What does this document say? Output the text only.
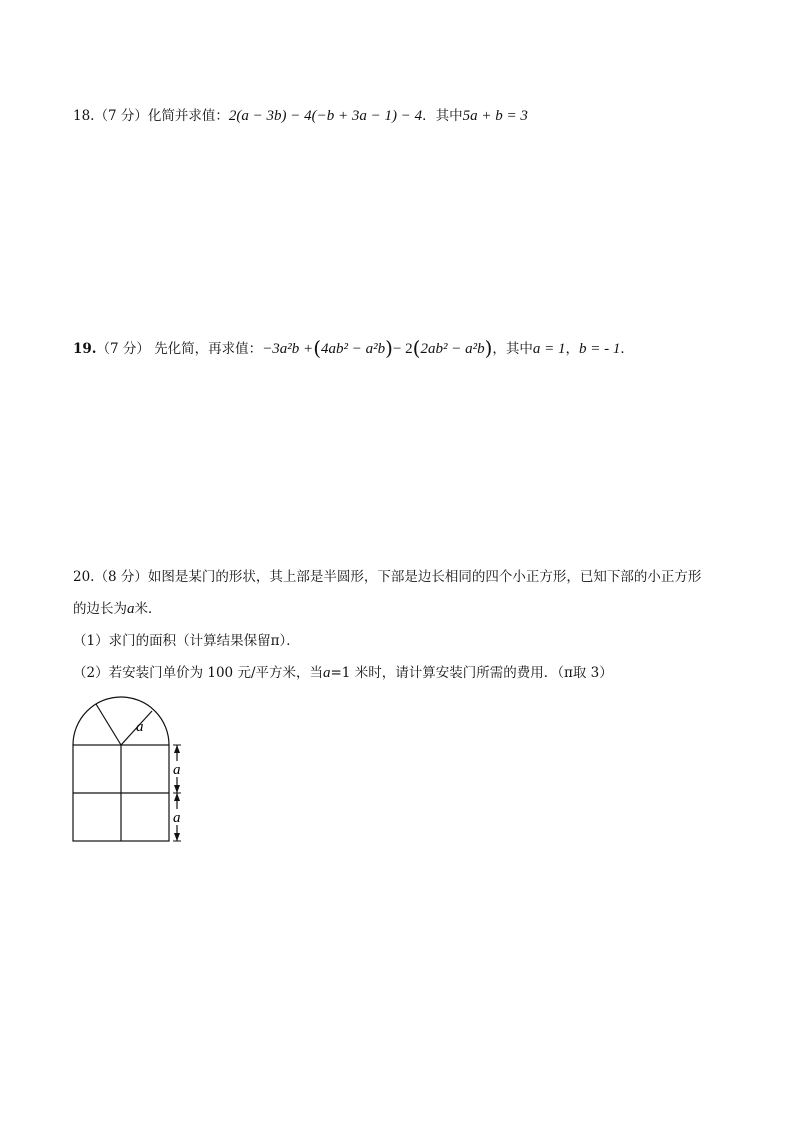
18.（7 分）化简并求值：2(a − 3b) − 4(−b + 3a − 1) − 4．其中5a + b = 3
19.（7 分） 先化简，再求值：−3a²b +(4ab² − a²b)− 2(2ab² − a²b)，其中a = 1，b = - 1．
20.（8 分）如图是某门的形状，其上部是半圆形，下部是边长相同的四个小正方形，已知下部的小正方形
的边长为a米．
（1）求门的面积（计算结果保留π）．
（2）若安装门单价为 100 元/平方米，当a=1 米时，请计算安装门所需的费用．（π取 3）
a
a
a
